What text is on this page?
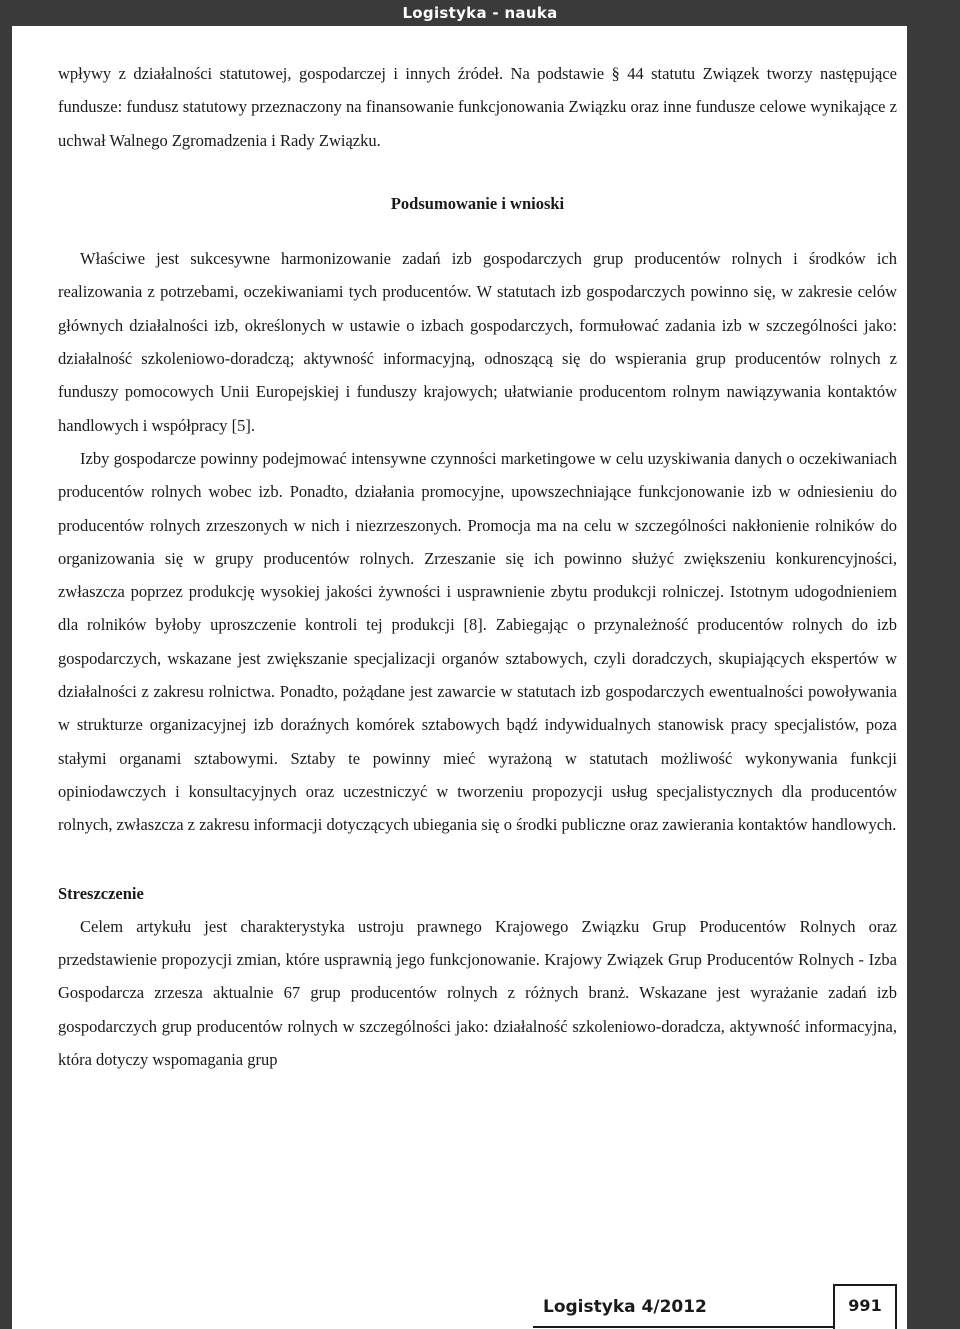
Logistyka - nauka

wpływy z działalności statutowej, gospodarczej i innych źródeł. Na podstawie § 44 statutu Związek tworzy następujące fundusze: fundusz statutowy przeznaczony na finansowanie funkcjonowania Związku oraz inne fundusze celowe wynikające z uchwał Walnego Zgromadzenia i Rady Związku.

Podsumowanie i wnioski

Właściwe jest sukcesywne harmonizowanie zadań izb gospodarczych grup producentów rolnych i środków ich realizowania z potrzebami, oczekiwaniami tych producentów. W statutach izb gospodarczych powinno się, w zakresie celów głównych działalności izb, określonych w ustawie o izbach gospodarczych, formułować zadania izb w szczególności jako: działalność szkoleniowo-doradczą; aktywność informacyjną, odnoszącą się do wspierania grup producentów rolnych z funduszy pomocowych Unii Europejskiej i funduszy krajowych; ułatwianie producentom rolnym nawiązywania kontaktów handlowych i współpracy [5].

Izby gospodarcze powinny podejmować intensywne czynności marketingowe w celu uzyskiwania danych o oczekiwaniach producentów rolnych wobec izb. Ponadto, działania promocyjne, upowszechniające funkcjonowanie izb w odniesieniu do producentów rolnych zrzeszonych w nich i niezrzeszonych. Promocja ma na celu w szczególności nakłonienie rolników do organizowania się w grupy producentów rolnych. Zrzeszanie się ich powinno służyć zwiększeniu konkurencyjności, zwłaszcza poprzez produkcję wysokiej jakości żywności i usprawnienie zbytu produkcji rolniczej. Istotnym udogodnieniem dla rolników byłoby uproszczenie kontroli tej produkcji [8]. Zabiegając o przynależność producentów rolnych do izb gospodarczych, wskazane jest zwiększanie specjalizacji organów sztabowych, czyli doradczych, skupiających ekspertów w działalności z zakresu rolnictwa. Ponadto, pożądane jest zawarcie w statutach izb gospodarczych ewentualności powoływania w strukturze organizacyjnej izb doraźnych komórek sztabowych bądź indywidualnych stanowisk pracy specjalistów, poza stałymi organami sztabowymi. Sztaby te powinny mieć wyrażoną w statutach możliwość wykonywania funkcji opiniodawczych i konsultacyjnych oraz uczestniczyć w tworzeniu propozycji usług specjalistycznych dla producentów rolnych, zwłaszcza z zakresu informacji dotyczących ubiegania się o środki publiczne oraz zawierania kontaktów handlowych.

Streszczenie

Celem artykułu jest charakterystyka ustroju prawnego Krajowego Związku Grup Producentów Rolnych oraz przedstawienie propozycji zmian, które usprawnią jego funkcjonowanie. Krajowy Związek Grup Producentów Rolnych - Izba Gospodarcza zrzesza aktualnie 67 grup producentów rolnych z różnych branż. Wskazane jest wyrażanie zadań izb gospodarczych grup producentów rolnych w szczególności jako: działalność szkoleniowo-doradcza, aktywność informacyjna, która dotyczy wspomagania grup

Logistyka 4/2012	991
